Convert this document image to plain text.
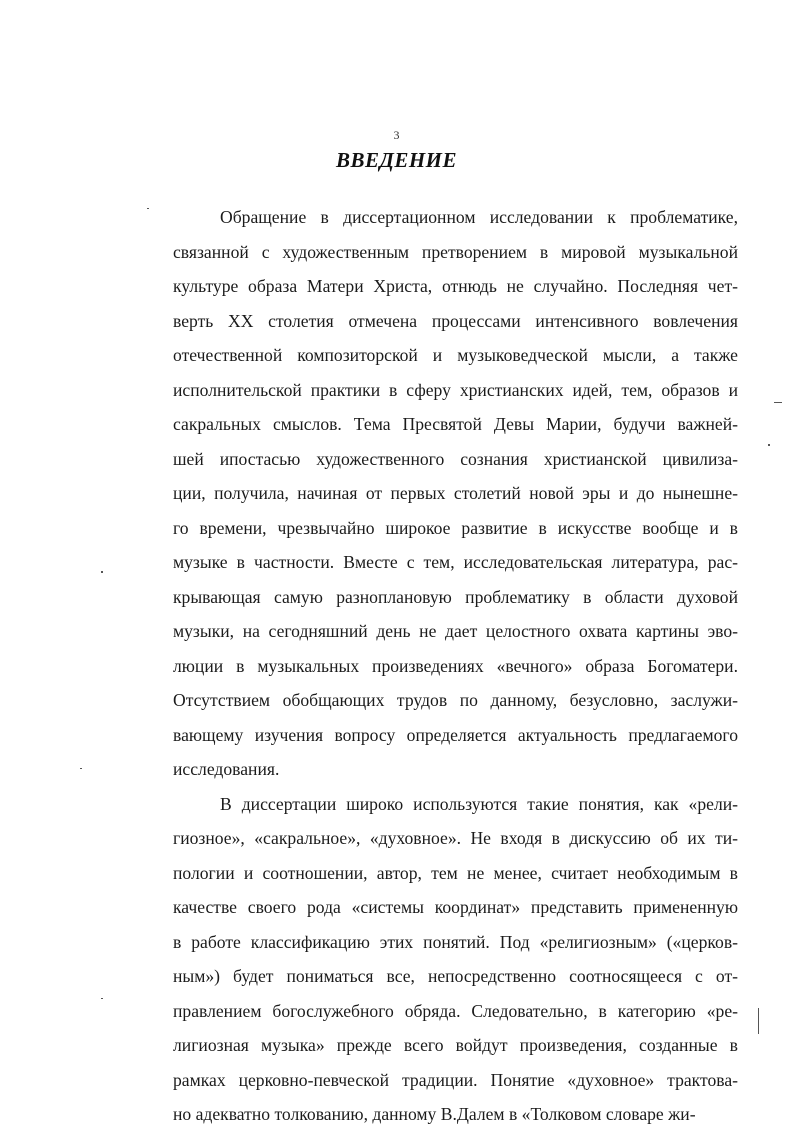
3
ВВЕДЕНИЕ
Обращение в диссертационном исследовании к проблематике,
связанной с художественным претворением в мировой музыкальной
культуре образа Матери Христа, отнюдь не случайно. Последняя чет-
верть XX столетия отмечена процессами интенсивного вовлечения
отечественной композиторской и музыковедческой мысли, а также
исполнительской практики в сферу христианских идей, тем, образов и
сакральных смыслов. Тема Пресвятой Девы Марии, будучи важней-
шей ипостасью художественного сознания христианской цивилиза-
ции, получила, начиная от первых столетий новой эры и до нынешне-
го времени, чрезвычайно широкое развитие в искусстве вообще и в
музыке в частности. Вместе с тем, исследовательская литература, рас-
крывающая самую разноплановую проблематику в области духовой
музыки, на сегодняшний день не дает целостного охвата картины эво-
люции в музыкальных произведениях «вечного» образа Богоматери.
Отсутствием обобщающих трудов по данному, безусловно, заслужи-
вающему изучения вопросу определяется актуальность предлагаемого
исследования.
В диссертации широко используются такие понятия, как «рели-
гиозное», «сакральное», «духовное». Не входя в дискуссию об их ти-
пологии и соотношении, автор, тем не менее, считает необходимым в
качестве своего рода «системы координат» представить примененную
в работе классификацию этих понятий. Под «религиозным» («церков-
ным») будет пониматься все, непосредственно соотносящееся с от-
правлением богослужебного обряда. Следовательно, в категорию «ре-
лигиозная музыка» прежде всего войдут произведения, созданные в
рамках церковно-певческой традиции. Понятие «духовное» трактова-
но адекватно толкованию, данному В.Далем в «Толковом словаре жи-
